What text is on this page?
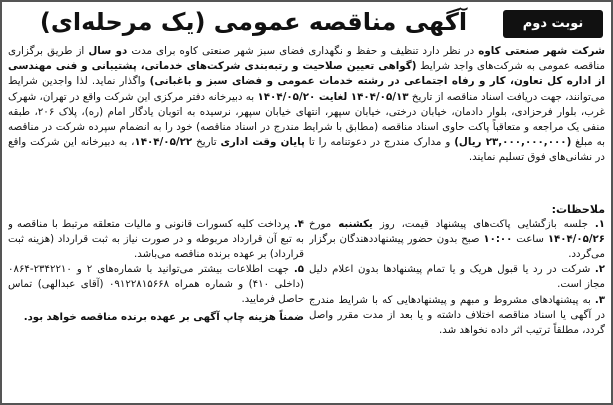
نوبت دوم
آگهی مناقصه عمومی (یک مرحله‌ای)
شرکت شهر صنعتی کاوه در نظر دارد تنظیف و حفظ و نگهداری فضای سبز شهر صنعتی کاوه برای مدت دو سال از طریق برگزاری مناقصه عمومی به شرکت‌های واجد شرایط (گواهی تعیین صلاحیت و رتبه‌بندی شرکت‌های خدماتی، پشتیبانی و فنی مهندسی از اداره کل تعاون، کار و رفاه اجتماعی در رشته خدمات عمومی و فضای سبز و باغبانی) واگذار نماید. لذا واجدین شرایط می‌توانند، جهت دریافت اسناد مناقصه از تاریخ ۱۴۰۴/۰۵/۱۳ لغایت ۱۴۰۴/۰۵/۲۰ به دبیرخانه دفتر مرکزی این شرکت واقع در تهران، شهرک غرب، بلوار فرحزادی، بلوار دادمان، خیابان درختی، خیابان سپهر، انتهای خیابان سپهر، نرسیده به اتوبان یادگار امام (ره)، پلاک ۲۰۶، طبقه منفی یک مراجعه و متعاقباً پاکت حاوی اسناد مناقصه (مطابق با شرایط مندرج در اسناد مناقصه) خود را به انضمام سپرده شرکت در مناقصه به مبلغ (۲۳,۰۰۰,۰۰۰,۰۰۰ ریال) و مدارک مندرج در دعوتنامه را تا پایان وقت اداری تاریخ ۱۴۰۴/۰۵/۲۲، به دبیرخانه این شرکت واقع در نشانی‌های فوق تسلیم نمایند.
ملاحظات:
۱. جلسه بازگشایی پاکت‌های پیشنهاد قیمت، روز یکشنبه مورخ ۱۴۰۴/۰۵/۲۶ ساعت ۱۰:۰۰ صبح بدون حضور پیشنهاددهندگان برگزار می‌گردد.
۲. شرکت در رد یا قبول هریک و یا تمام پیشنهادها بدون اعلام دلیل مجاز است.
۳. به پیشنهادهای مشروط و مبهم و پیشنهادهایی که با شرایط مندرج در آگهی یا اسناد مناقصه اختلاف داشته و یا بعد از مدت مقرر واصل گردد، مطلقاً ترتیب اثر داده نخواهد شد.
۴. پرداخت کلیه کسورات قانونی و مالیات متعلقه مرتبط با مناقصه و به تبع آن قرارداد مربوطه و در صورت نیاز به ثبت قرارداد (هزینه ثبت قرارداد) بر عهده برنده مناقصه می‌باشد.
۵. جهت اطلاعات بیشتر می‌توانید با شماره‌های ۲ و ۲۳۴۲۲۱۰-۰۸۶۴ (داخلی ۴۱۰) و شماره همراه ۰۹۱۲۲۸۱۵۶۶۸ (آقای عبدالهی) تماس حاصل فرمایید.
ضمناً هزینه چاپ آگهی بر عهده برنده مناقصه خواهد بود.
